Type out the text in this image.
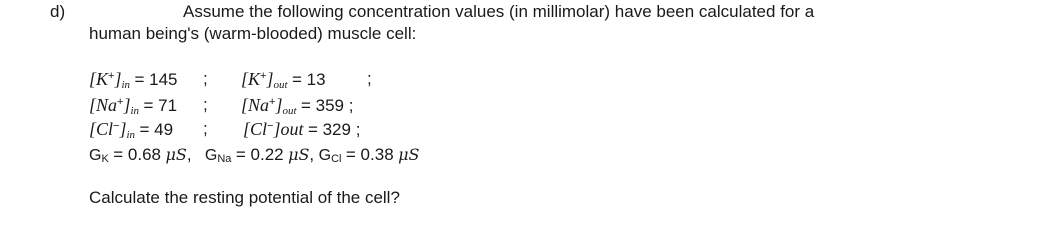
d)	Assume the following concentration values (in millimolar) have been calculated for a
human being's (warm-blooded) muscle cell:
[K+]in = 145 ; [K+]out = 13 ;
[Na+]in = 71 ; [Na+]out = 359 ;
[Cl−]in = 49 ; [Cl−]out = 329 ;
GK = 0.68 μS, GNa = 0.22 μS, GCl = 0.38 μS
Calculate the resting potential of the cell?
